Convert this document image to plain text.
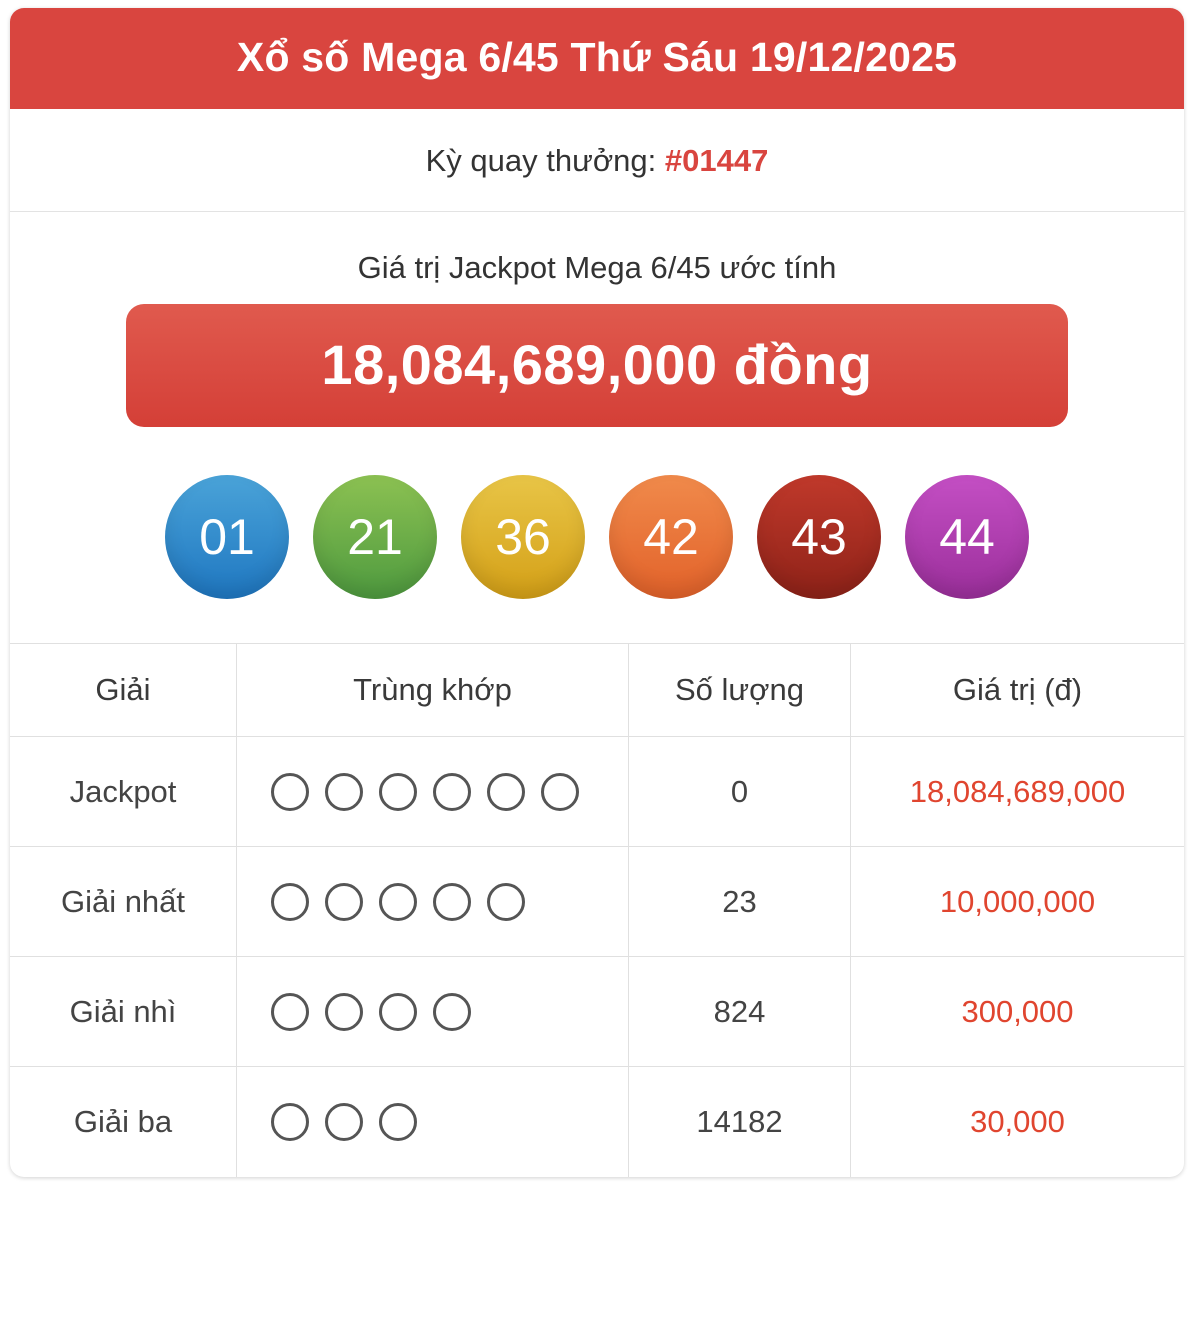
Xổ số Mega 6/45 Thứ Sáu 19/12/2025
Kỳ quay thưởng: #01447
Giá trị Jackpot Mega 6/45 ước tính
18,084,689,000 đồng
01	21	36	42	43	44
Giải	Trùng khớp	Số lượng	Giá trị (đ)
Jackpot		0	18,084,689,000
Giải nhất		23	10,000,000
Giải nhì		824	300,000
Giải ba		14182	30,000
